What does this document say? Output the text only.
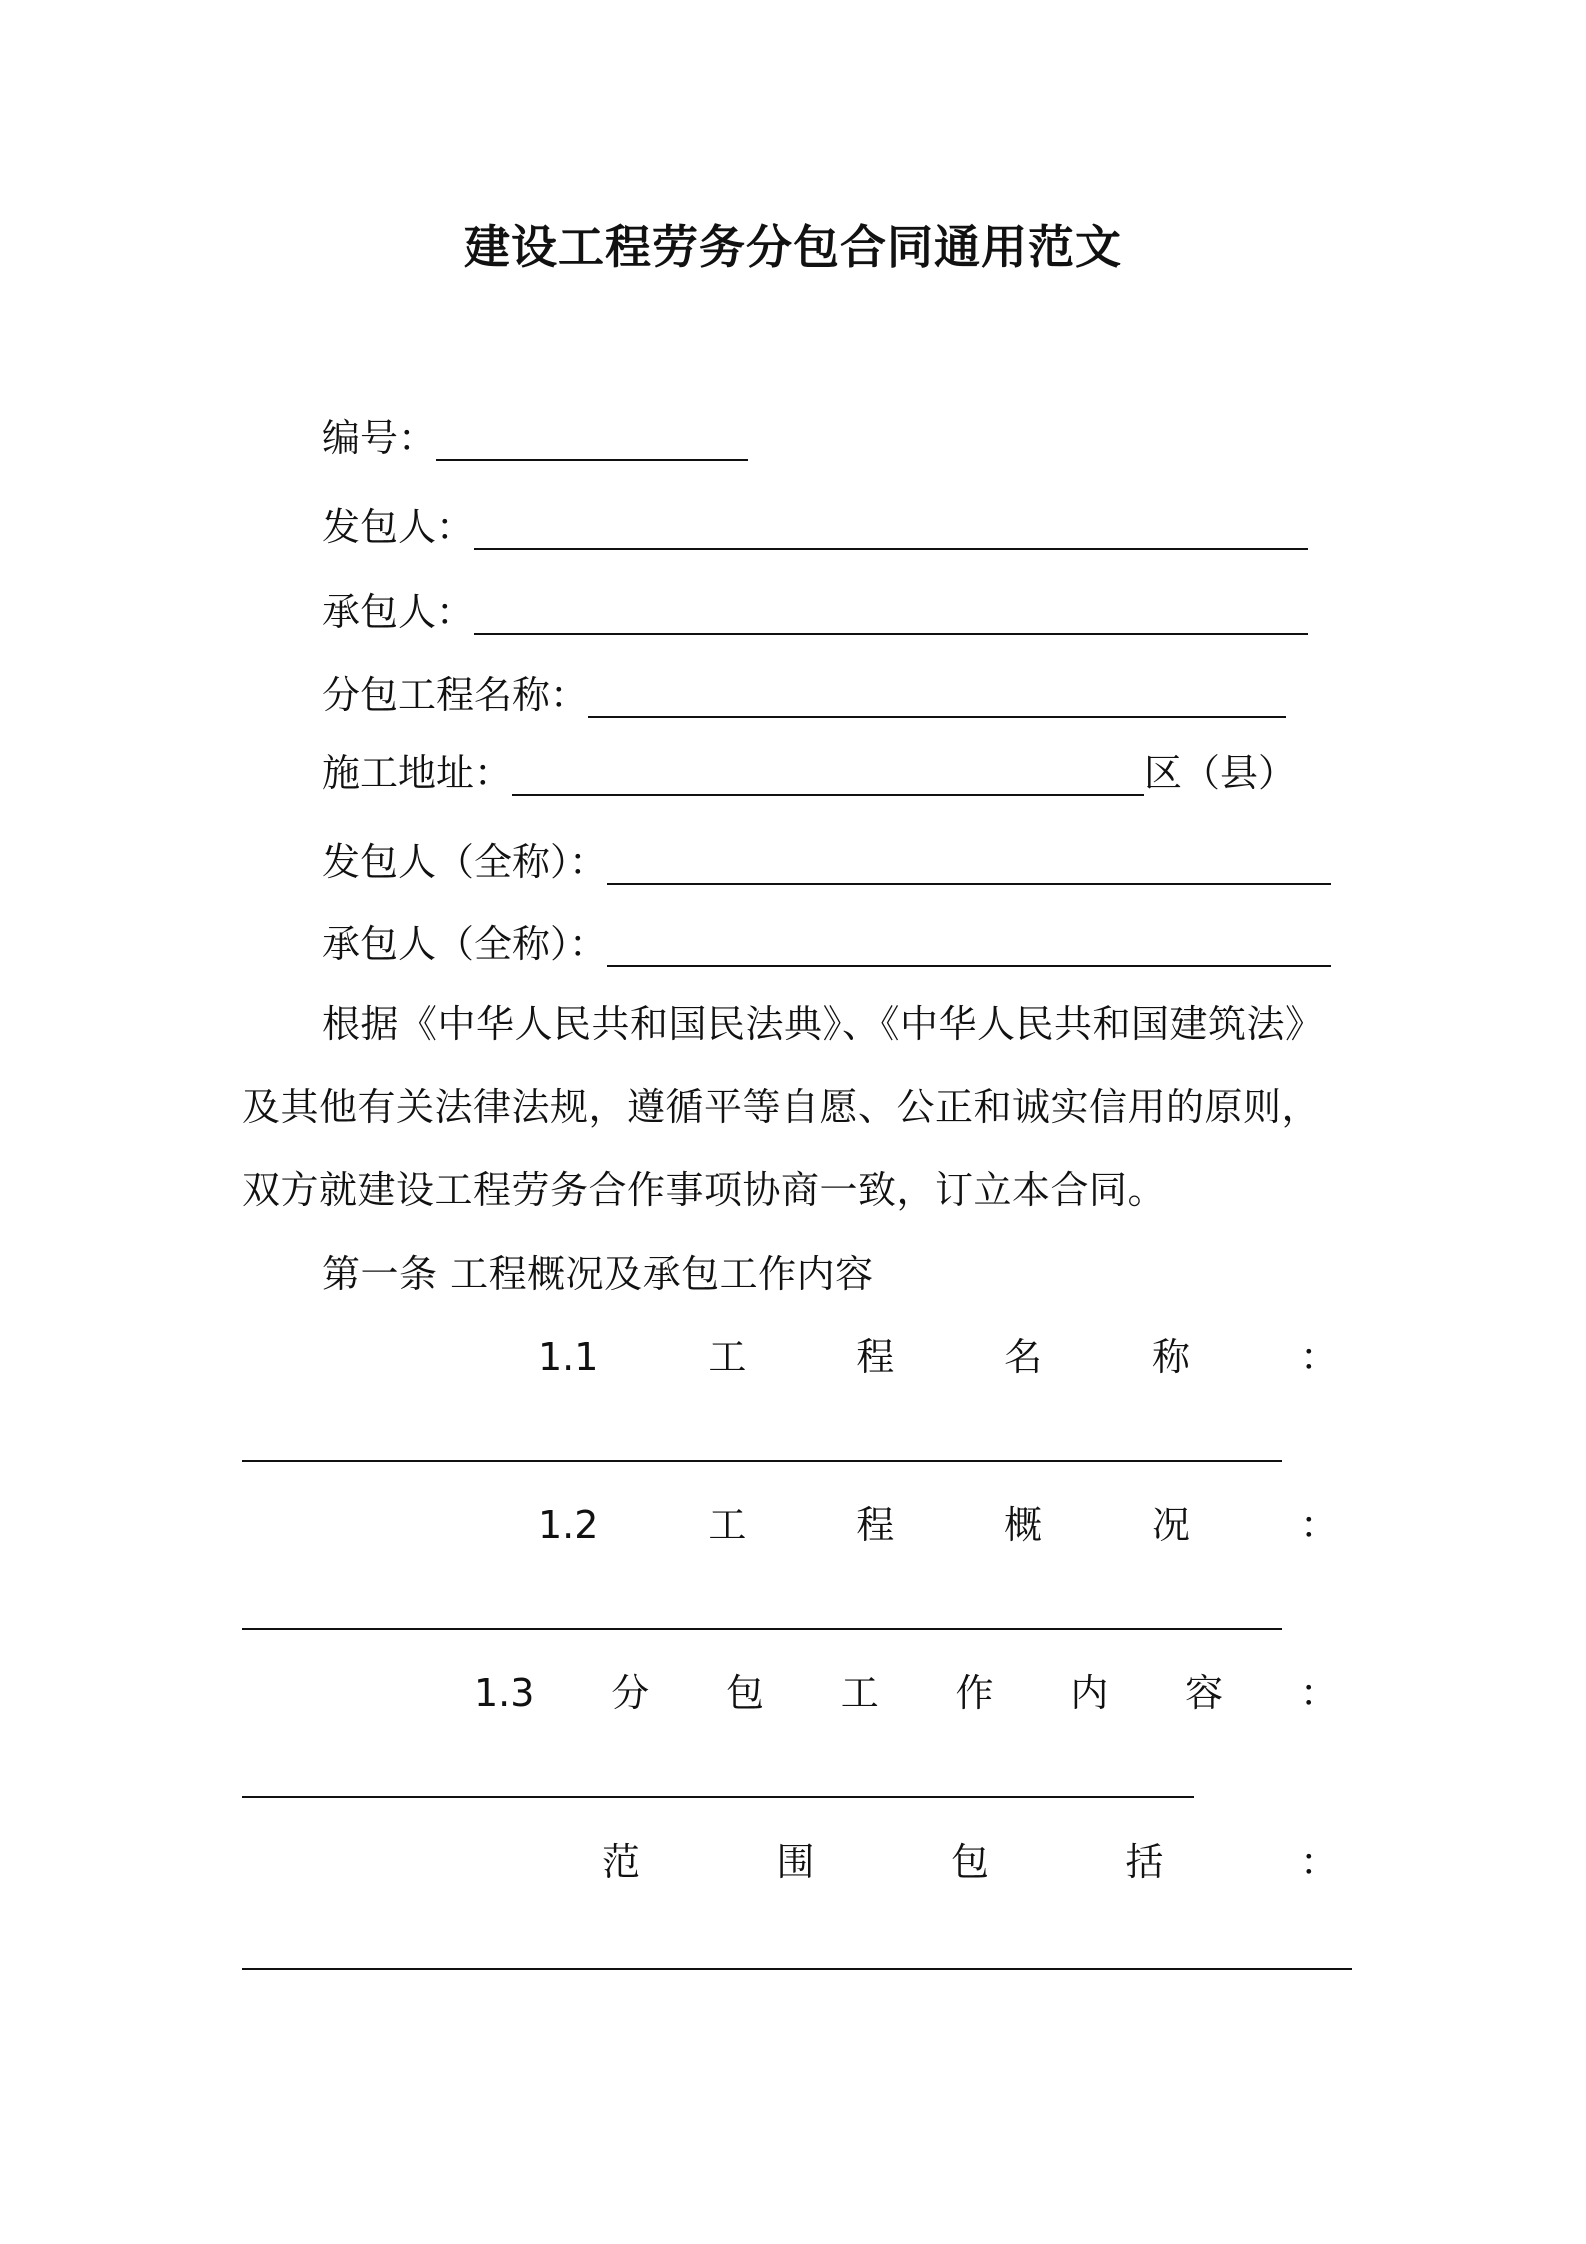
建设工程劳务分包合同通用范文
编号：
发包人：
承包人：
分包工程名称：
施工地址：	区（县）
发包人（全称）：
承包人（全称）：
根据《中华人民共和国民法典》、《中华人民共和国建筑法》
及其他有关法律法规，遵循平等自愿、公正和诚实信用的原则，
双方就建设工程劳务合作事项协商一致，订立本合同。
第一条 工程概况及承包工作内容
1.1	工	程	名	称	：
1.2	工	程	概	况	：
1.3 分 包 工 作 内 容 ：
范	围	包	括	：
